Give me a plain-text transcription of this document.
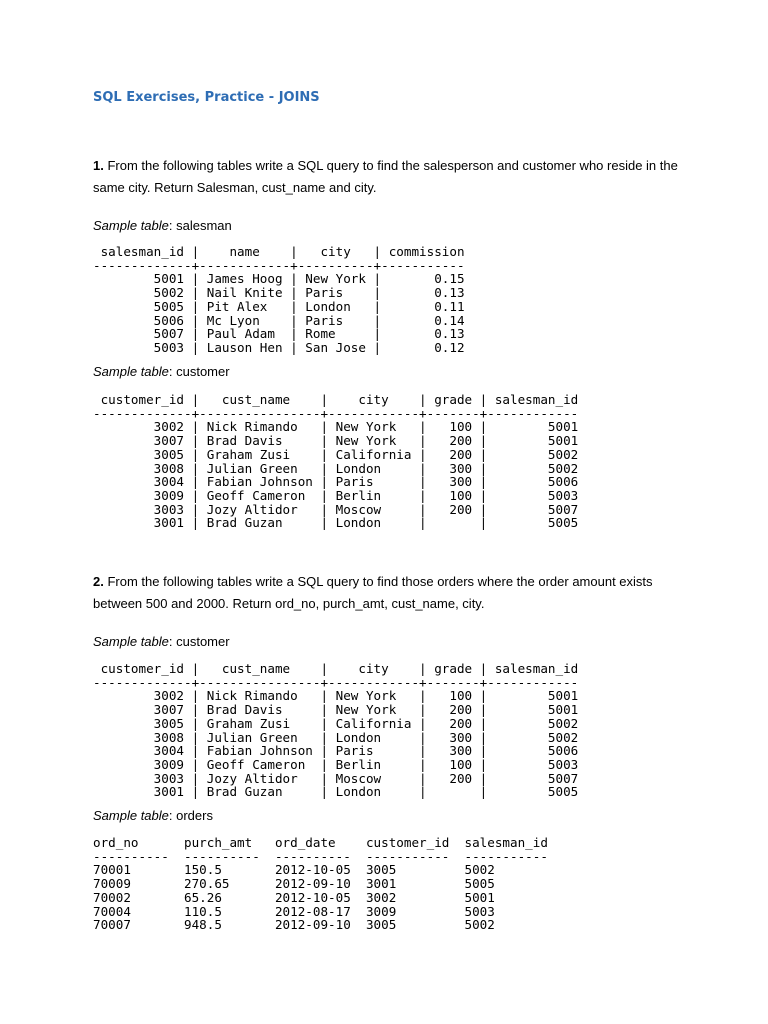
SQL Exercises, Practice - JOINS
1. From the following tables write a SQL query to find the salesperson and customer who reside in the same city. Return Salesman, cust_name and city.
Sample table: salesman
salesman_id |    name    |   city   | commission
-------------+------------+----------+-----------
5001 | James Hoog | New York |       0.15
5002 | Nail Knite | Paris    |       0.13
5005 | Pit Alex   | London   |       0.11
5006 | Mc Lyon    | Paris    |       0.14
5007 | Paul Adam  | Rome     |       0.13
5003 | Lauson Hen | San Jose |       0.12
Sample table: customer
customer_id |   cust_name    |    city    | grade | salesman_id
-------------+----------------+------------+-------+------------
3002 | Nick Rimando   | New York   |   100 |        5001
3007 | Brad Davis     | New York   |   200 |        5001
3005 | Graham Zusi    | California |   200 |        5002
3008 | Julian Green   | London     |   300 |        5002
3004 | Fabian Johnson | Paris      |   300 |        5006
3009 | Geoff Cameron  | Berlin     |   100 |        5003
3003 | Jozy Altidor   | Moscow     |   200 |        5007
3001 | Brad Guzan     | London     |       |        5005
2. From the following tables write a SQL query to find those orders where the order amount exists between 500 and 2000. Return ord_no, purch_amt, cust_name, city.
Sample table: customer
customer_id |   cust_name    |    city    | grade | salesman_id
-------------+----------------+------------+-------+------------
3002 | Nick Rimando   | New York   |   100 |        5001
3007 | Brad Davis     | New York   |   200 |        5001
3005 | Graham Zusi    | California |   200 |        5002
3008 | Julian Green   | London     |   300 |        5002
3004 | Fabian Johnson | Paris      |   300 |        5006
3009 | Geoff Cameron  | Berlin     |   100 |        5003
3003 | Jozy Altidor   | Moscow     |   200 |        5007
3001 | Brad Guzan     | London     |       |        5005
Sample table: orders
ord_no      purch_amt   ord_date    customer_id  salesman_id
----------  ----------  ----------  -----------  -----------
70001       150.5       2012-10-05  3005         5002
70009       270.65      2012-09-10  3001         5005
70002       65.26       2012-10-05  3002         5001
70004       110.5       2012-08-17  3009         5003
70007       948.5       2012-09-10  3005         5002
